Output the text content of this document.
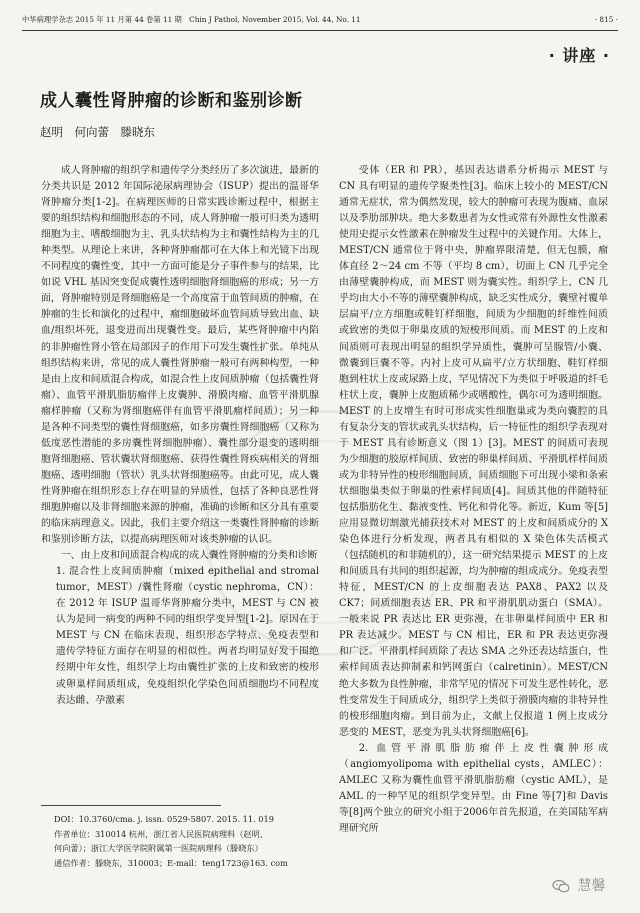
中华病理学杂志 2015 年 11 月第 44 卷第 11 期　Chin J Pathol, November 2015, Vol. 44, No. 11	· 815 ·
· 讲座 ·
成人囊性肾肿瘤的诊断和鉴别诊断
赵明　何向蕾　滕晓东

成人肾肿瘤的组织学和遗传学分类经历了多次演进，最新的分类共识是 2012 年国际泌尿病理协会（ISUP）提出的温哥华肾肿瘤分类[1-2]。在病理医师的日常实践诊断过程中，根据主要的组织结构和细胞形态的不同，成人肾肿瘤一般可归类为透明细胞为主、嗜酸细胞为主、乳头状结构为主和囊性结构为主的几种类型。从理论上来讲，各种肾肿瘤都可在大体上和光镜下出现不同程度的囊性变，其中一方面可能是分子事件参与的结果，比如说 VHL 基因突变促成囊性透明细胞肾细胞癌的形成；另一方面，肾肿瘤特别是肾细胞癌是一个高度富于血管间质的肿瘤，在肿瘤的生长和演化的过程中，瘤细胞破坏血管间质导致出血、缺血/组织坏死，退变进而出现囊性变。最后，某些肾肿瘤中内陷的非肿瘤性肾小管在局部因子的作用下可发生囊性扩张。单纯从组织结构来讲，常见的成人囊性肾肿瘤一般可有两种构型，一种是由上皮和间质混合构成，如混合性上皮间质肿瘤（包括囊性肾瘤）、血管平滑肌脂肪瘤伴上皮囊肿、滑膜肉瘤、血管平滑肌腺瘤样肿瘤（又称为肾细胞癌伴有血管平滑肌瘤样间质）；另一种是各种不同类型的囊性肾细胞癌，如多房囊性肾细胞癌（又称为低度恶性潜能的多房囊性肾细胞肿瘤）、囊性部分退变的透明细胞肾细胞癌、管状囊状肾细胞癌、获得性囊性肾疾病相关的肾细胞癌、透明细胞（管状）乳头状肾细胞癌等。由此可见，成人囊性肾肿瘤在组织形态上存在明显的异质性，包括了各种良恶性肾细胞肿瘤以及非肾细胞来源的肿瘤，准确的诊断和区分具有重要的临床病理意义。因此，我们主要介绍这一类囊性肾肿瘤的诊断和鉴别诊断方法，以提高病理医师对该类肿瘤的认识。

一、由上皮和间质混合构成的成人囊性肾肿瘤的分类和诊断

1. 混合性上皮间质肿瘤（mixed epithelial and stromal tumor，MEST）/囊性肾瘤（cystic nephroma，CN）：在 2012 年 ISUP 温哥华肾肿瘤分类中，MEST 与 CN 被认为是同一病变的两种不同的组织学变异型[1-2]。原因在于 MEST 与 CN 在临床表现、组织形态学特点、免疫表型和遗传学特征方面存在明显的相似性。两者均明显好发于围绝经期中年女性，组织学上均由囊性扩张的上皮和致密的梭形或卵巢样间质组成，免疫组织化学染色间质细胞均不同程度表达雌、孕激素

受体（ER 和 PR），基因表达谱系分析揭示 MEST 与 CN 具有明显的遗传学聚类性[3]。临床上较小的 MEST/CN 通常无症状，常为偶然发现，较大的肿瘤可表现为腹痛、血尿以及季肋部肿块。绝大多数患者为女性或常有外源性女性激素使用史提示女性激素在肿瘤发生过程中的关键作用。大体上，MEST/CN 通常位于肾中央，肿瘤界限清楚，但无包膜，瘤体直径 2～24 cm 不等（平均 8 cm），切面上 CN 几乎完全由薄壁囊肿构成，而 MEST 则为囊实性。组织学上，CN 几乎均由大小不等的薄壁囊肿构成，缺乏实性成分，囊壁衬覆单层扁平/立方细胞或鞋钉样细胞，间质为少细胞的纤维性间质或致密的类似于卵巢皮质的短梭形间质。而 MEST 的上皮和间质则可表现出明显的组织学异质性，囊肿可呈腺管/小囊、微囊到巨囊不等。内衬上皮可从扁平/立方状细胞、鞋钉样细胞到柱状上皮或尿路上皮，罕见情况下为类似于呼吸道的纤毛柱状上皮，囊肿上皮胞质稀少或嗜酸性，偶尔可为透明细胞。MEST 的上皮增生有时可形成实性细胞巢或为类向囊腔的具有复杂分支的管状或乳头状结构，后一特征性的组织学表现对于 MEST 具有诊断意义（图 1）[3]。MEST 的间质可表现为少细胞的胶原样间质、致密的卵巢样间质、平滑肌样样间质或为非特异性的梭形细胞间质，间质细胞下可出现小梁和条索状细胞巢类似于卵巢的性索样间质[4]。间质其他的伴随特征包括脂肪化生、黏液变性、钙化和骨化等。新近，Kum 等[5]应用显微切割激光捕获技术对 MEST 的上皮和间质成分的 X 染色体进行分析发现，两者具有相似的 X 染色体失活模式（包括随机的和非随机的），这一研究结果提示 MEST 的上皮和间质具有共同的组织起源，均为肿瘤的组成成分。免疫表型特征，MEST/CN 的上皮细胞表达 PAX8、PAX2 以及 CK7；间质细胞表达 ER、PR 和平滑肌肌动蛋白（SMA）。一般来说 PR 表达比 ER 更弥漫，在非卵巢样间质中 ER 和 PR 表达减少。MEST 与 CN 相比，ER 和 PR 表达更弥漫和广泛。平滑肌样间质除了表达 SMA 之外还表达结蛋白，性索样间质表达抑制素和钙网蛋白（calretinin）。MEST/CN 绝大多数为良性肿瘤，非常罕见的情况下可发生恶性转化，恶性变常发生于间质成分，组织学上类似于滑膜肉瘤的非特异性的梭形细胞肉瘤。到目前为止，文献上仅报道 1 例上皮成分恶变的 MEST，恶变为乳头状肾细胞癌[6]。

2. 血管平滑肌脂肪瘤伴上皮性囊肿形成（angiomyolipoma with epithelial cysts，AMLEC）：AMLEC 又称为囊性血管平滑肌脂肪瘤（cystic AML），是 AML 的一种罕见的组织学变异型。由 Fine 等[7]和 Davis 等[8]两个独立的研究小组于2006年首先报道，在美国陆军病理研究所

DOI：10.3760/cma. j. issn. 0529-5807. 2015. 11. 019
作者单位：310014 杭州，浙江省人民医院病理科（赵明、
何向蕾）；浙江大学医学院附属第一医院病理科（滕晓东）
通信作者：滕晓东，310003；E-mail：teng1723@163. com
慧馨
